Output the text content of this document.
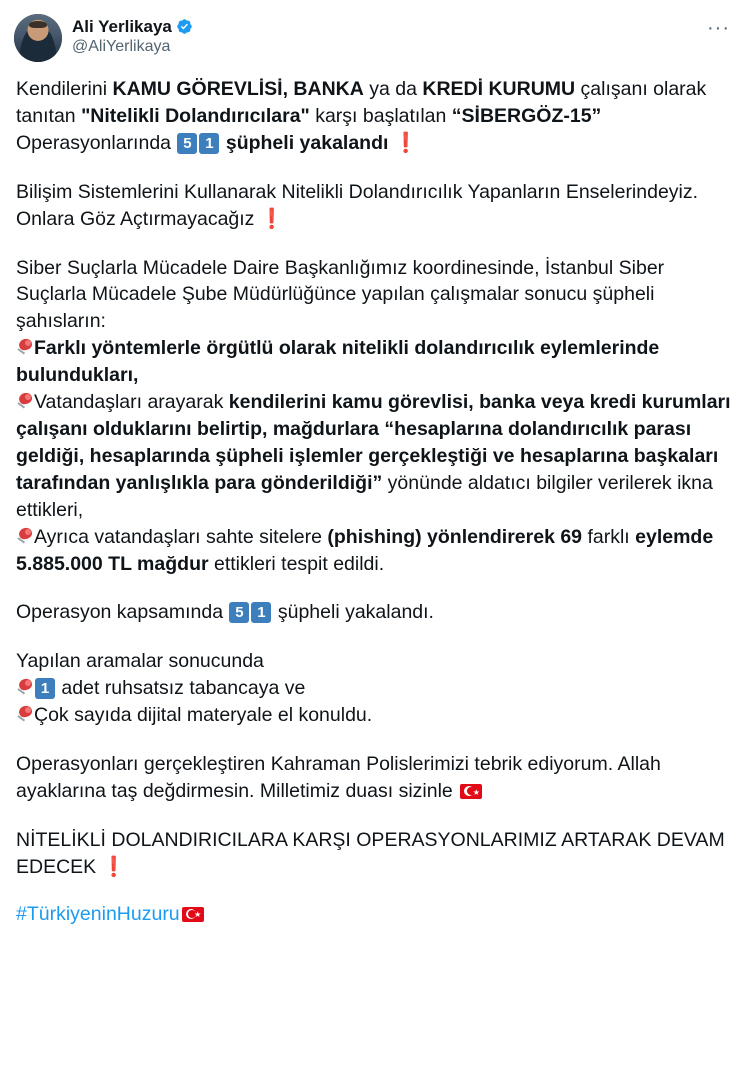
Ali Yerlikaya
@AliYerlikaya
···

Kendilerini KAMU GÖREVLİSİ, BANKA ya da KREDİ KURUMU çalışanı olarak tanıtan "Nitelikli Dolandırıcılara" karşı başlatılan “SİBERGÖZ-15” Operasyonlarında 5 1 şüpheli yakalandı ❗

Bilişim Sistemlerini Kullanarak Nitelikli Dolandırıcılık Yapanların Enselerindeyiz. Onlara Göz Açtırmayacağız ❗

Siber Suçlarla Mücadele Daire Başkanlığımız koordinesinde, İstanbul Siber Suçlarla Mücadele Şube Müdürlüğünce yapılan çalışmalar sonucu şüpheli şahısların:

Farklı yöntemlerle örgütlü olarak nitelikli dolandırıcılık eylemlerinde bulundukları,

Vatandaşları arayarak kendilerini kamu görevlisi, banka veya kredi kurumları çalışanı olduklarını belirtip, mağdurlara “hesaplarına dolandırıcılık parası geldiği, hesaplarında şüpheli işlemler gerçekleştiği ve hesaplarına başkaları tarafından yanlışlıkla para gönderildiği” yönünde aldatıcı bilgiler verilerek ikna ettikleri,

Ayrıca vatandaşları sahte sitelere (phishing) yönlendirerek 69 farklı eylemde 5.885.000 TL mağdur ettikleri tespit edildi.

Operasyon kapsamında 5 1 şüpheli yakalandı.

Yapılan aramalar sonucunda

1 adet ruhsatsız tabancaya ve

Çok sayıda dijital materyale el konuldu.

Operasyonları gerçekleştiren Kahraman Polislerimizi tebrik ediyorum. Allah ayaklarına taş değdirmesin. Milletimiz duası sizinle ★

NİTELİKLİ DOLANDIRICILARA KARŞI OPERASYONLARIMIZ ARTARAK DEVAM EDECEK ❗

#TürkiyeninHuzuru ★
